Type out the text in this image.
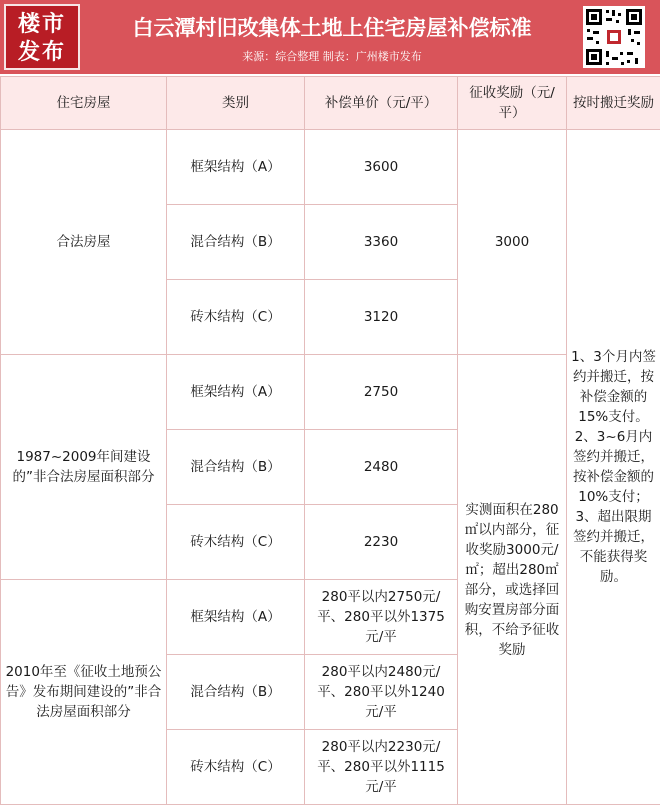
楼市
发布
白云潭村旧改集体土地上住宅房屋补偿标准
来源：综合整理 制表：广州楼市发布
住宅房屋	类别	补偿单价（元/平）	征收奖励（元/平）	按时搬迁奖励
合法房屋	框架结构（A）	3600	3000	1、3个月内签约并搬迁，按补偿金额的15%支付。2、3~6月内签约并搬迁，按补偿金额的10%支付；3、超出限期签约并搬迁，不能获得奖励。
	混合结构（B）	3360		
	砖木结构（C）	3120		
1987~2009年间建设的”非合法房屋面积部分	框架结构（A）	2750	实测面积在280㎡以内部分，征收奖励3000元/㎡；超出280㎡部分，或选择回购安置房部分面积，不给予征收奖励	
	混合结构（B）	2480		
	砖木结构（C）	2230		
2010年至《征收土地预公告》发布期间建设的”非合法房屋面积部分	框架结构（A）	280平以内2750元/平、280平以外1375元/平		
	混合结构（B）	280平以内2480元/平、280平以外1240元/平		
	砖木结构（C）	280平以内2230元/平、280平以外1115元/平		
